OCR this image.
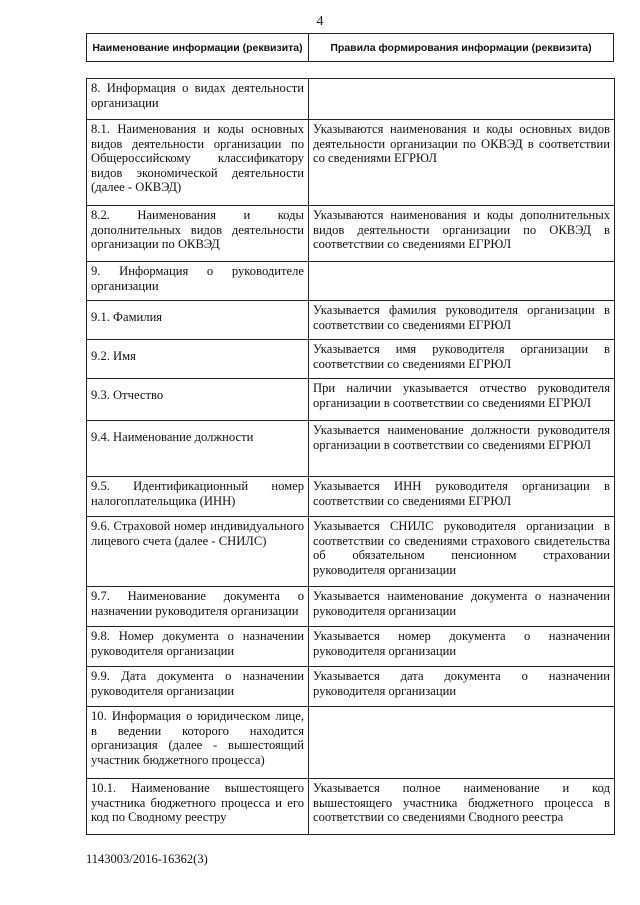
4
Наименование информации (реквизита)	Правила формирования информации (реквизита)
8. Информация о видах деятельности организации	
8.1. Наименования и коды основных видов деятельности организации по Общероссийскому классификатору видов экономической деятельности (далее - ОКВЭД)	Указываются наименования и коды основных видов деятельности организации по ОКВЭД в соответствии со сведениями ЕГРЮЛ
8.2. Наименования и коды дополнительных видов деятельности организации по ОКВЭД	Указываются наименования и коды дополнительных видов деятельности организации по ОКВЭД в соответствии со сведениями ЕГРЮЛ
9. Информация о руководителе организации	
9.1. Фамилия	Указывается фамилия руководителя организации в соответствии со сведениями ЕГРЮЛ
9.2. Имя	Указывается имя руководителя организации в соответствии со сведениями ЕГРЮЛ
9.3. Отчество	При наличии указывается отчество руководителя организации в соответствии со сведениями ЕГРЮЛ
9.4. Наименование должности	Указывается наименование должности руководителя организации в соответствии со сведениями ЕГРЮЛ
9.5. Идентификационный номер налогоплательщика (ИНН)	Указывается ИНН руководителя организации в соответствии со сведениями ЕГРЮЛ
9.6. Страховой номер индивидуального лицевого счета (далее - СНИЛС)	Указывается СНИЛС руководителя организации в соответствии со сведениями страхового свидетельства об обязательном пенсионном страховании руководителя организации
9.7. Наименование документа о назначении руководителя организации	Указывается наименование документа о назначении руководителя организации
9.8. Номер документа о назначении руководителя организации	Указывается номер документа о назначении руководителя организации
9.9. Дата документа о назначении руководителя организации	Указывается дата документа о назначении руководителя организации
10. Информация о юридическом лице, в ведении которого находится организация (далее - вышестоящий участник бюджетного процесса)	
10.1. Наименование вышестоящего участника бюджетного процесса и его код по Сводному реестру	Указывается полное наименование и код вышестоящего участника бюджетного процесса в соответствии со сведениями Сводного реестра
1143003/2016-16362(3)
